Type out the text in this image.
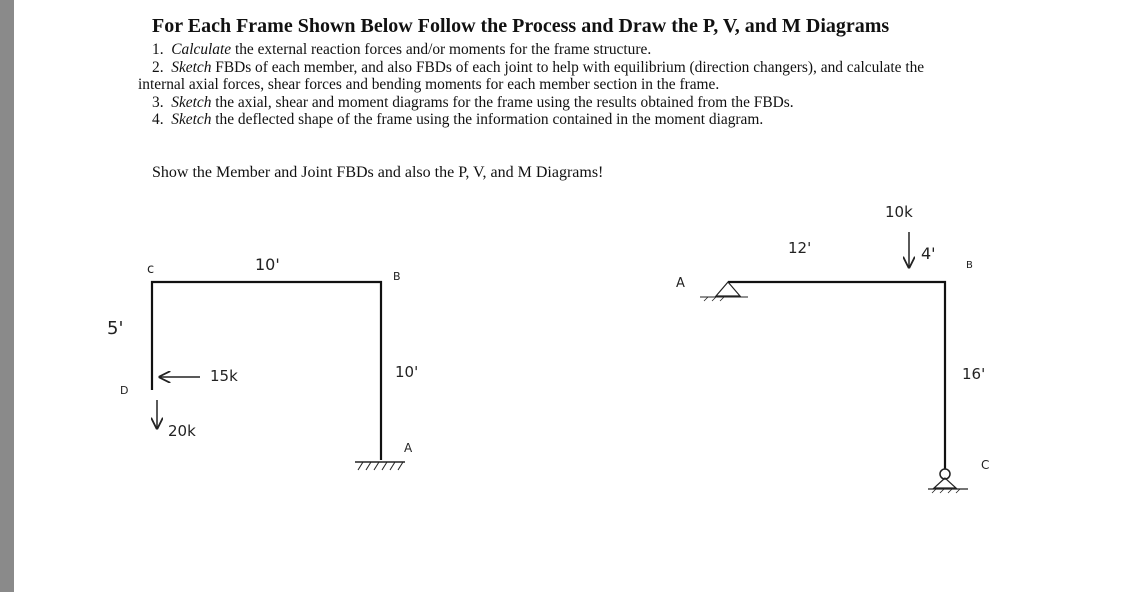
For Each Frame Shown Below Follow the Process and Draw the P, V, and M Diagrams
1. Calculate the external reaction forces and/or moments for the frame structure.
2. Sketch FBDs of each member, and also FBDs of each joint to help with equilibrium (direction changers), and calculate the
internal axial forces, shear forces and bending moments for each member section in the frame.
3. Sketch the axial, shear and moment diagrams for the frame using the results obtained from the FBDs.
4. Sketch the deflected shape of the frame using the information contained in the moment diagram.
Show the Member and Joint FBDs and also the P, V, and M Diagrams!
c	B
A
D
10'
10'
5'
15k
20k
A
B
C
12'	4'
16'
10k
